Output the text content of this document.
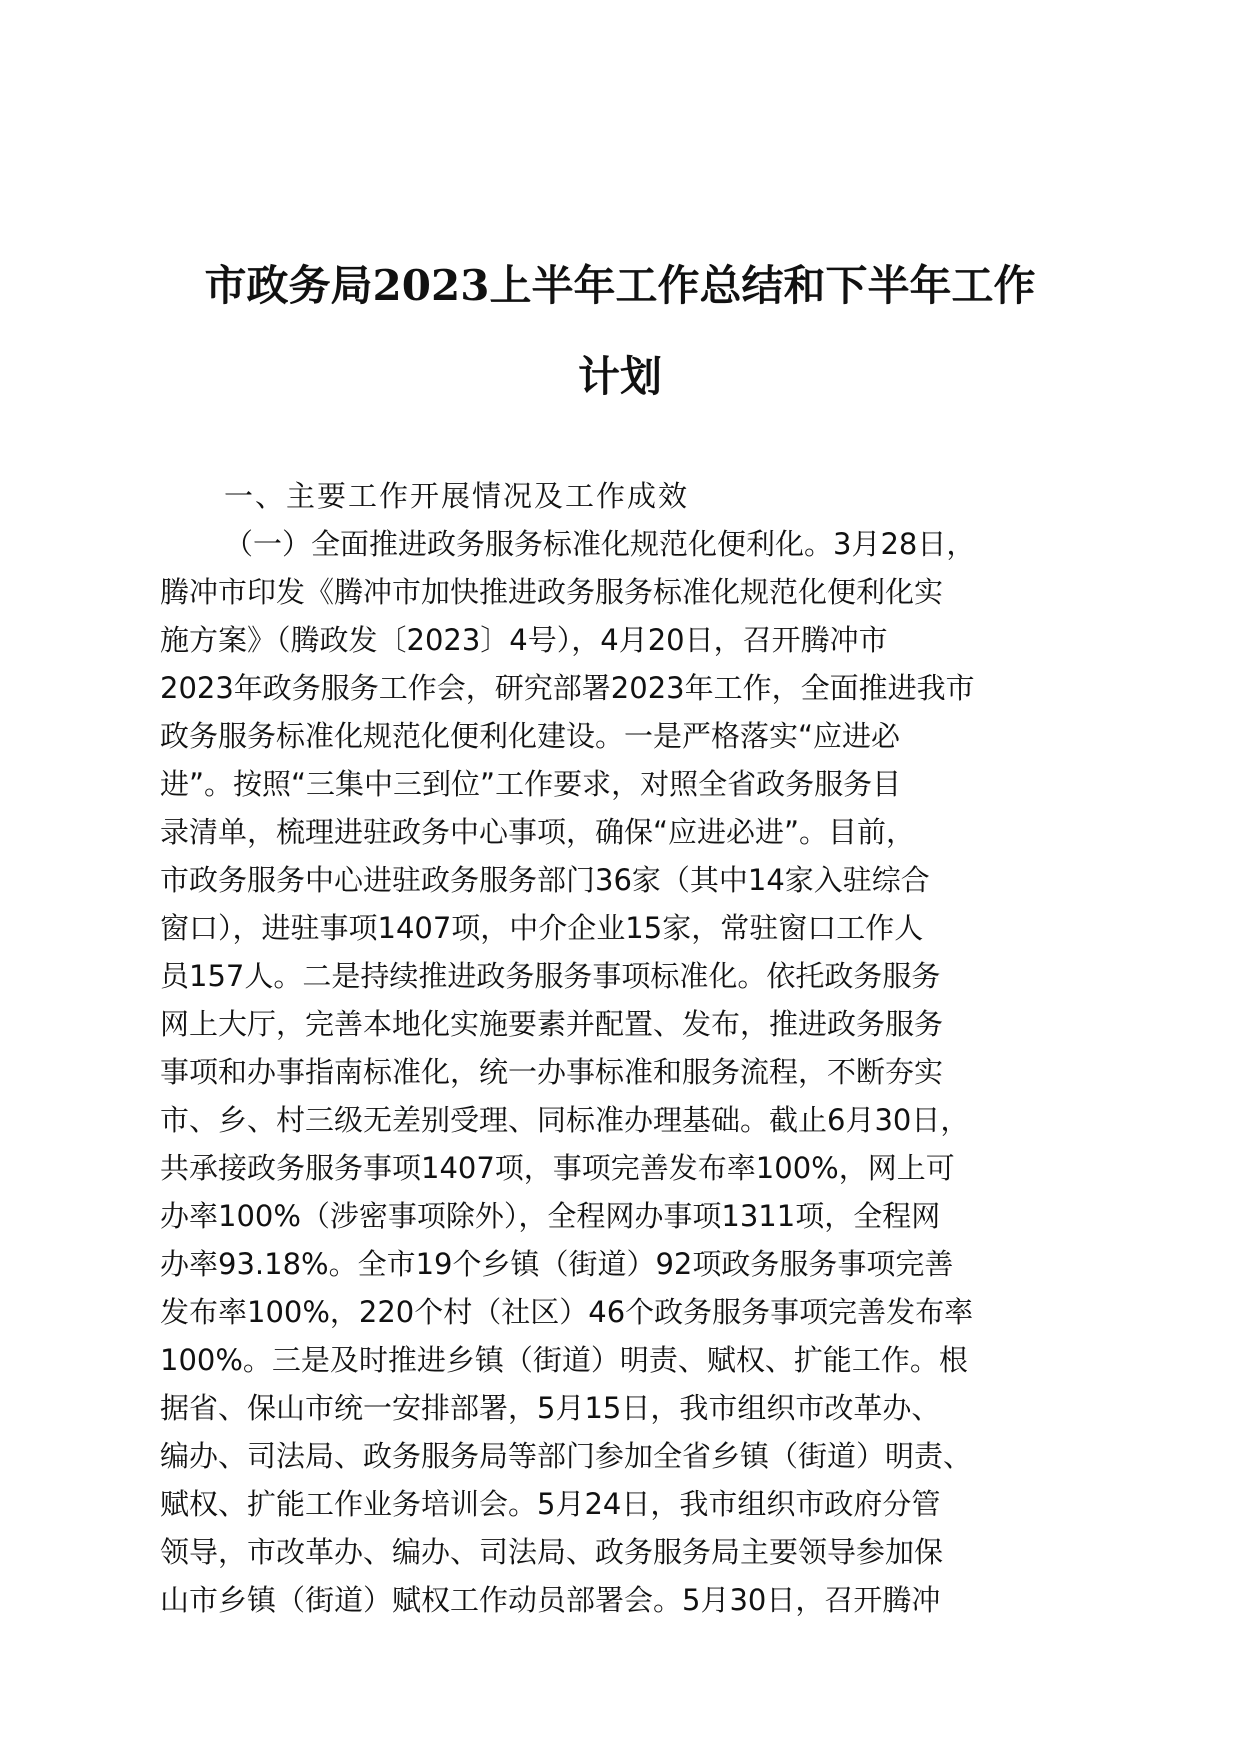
市政务局2023上半年工作总结和下半年工作
计划

一、主要工作开展情况及工作成效

（一）全面推进政务服务标准化规范化便利化。3月28日，

腾冲市印发《腾冲市加快推进政务服务标准化规范化便利化实

施方案》（腾政发〔2023〕4号），4月20日，召开腾冲市

2023年政务服务工作会，研究部署2023年工作，全面推进我市

政务服务标准化规范化便利化建设。一是严格落实“应进必

进”。按照“三集中三到位”工作要求，对照全省政务服务目

录清单，梳理进驻政务中心事项，确保“应进必进”。目前，

市政务服务中心进驻政务服务部门36家（其中14家入驻综合

窗口），进驻事项1407项，中介企业15家，常驻窗口工作人

员157人。二是持续推进政务服务事项标准化。依托政务服务

网上大厅，完善本地化实施要素并配置、发布，推进政务服务

事项和办事指南标准化，统一办事标准和服务流程，不断夯实

市、乡、村三级无差别受理、同标准办理基础。截止6月30日，

共承接政务服务事项1407项，事项完善发布率100%，网上可

办率100%（涉密事项除外），全程网办事项1311项，全程网

办率93.18%。全市19个乡镇（街道）92项政务服务事项完善

发布率100%，220个村（社区）46个政务服务事项完善发布率

100%。三是及时推进乡镇（街道）明责、赋权、扩能工作。根

据省、保山市统一安排部署，5月15日，我市组织市改革办、

编办、司法局、政务服务局等部门参加全省乡镇（街道）明责、

赋权、扩能工作业务培训会。5月24日，我市组织市政府分管

领导，市改革办、编办、司法局、政务服务局主要领导参加保

山市乡镇（街道）赋权工作动员部署会。5月30日，召开腾冲
